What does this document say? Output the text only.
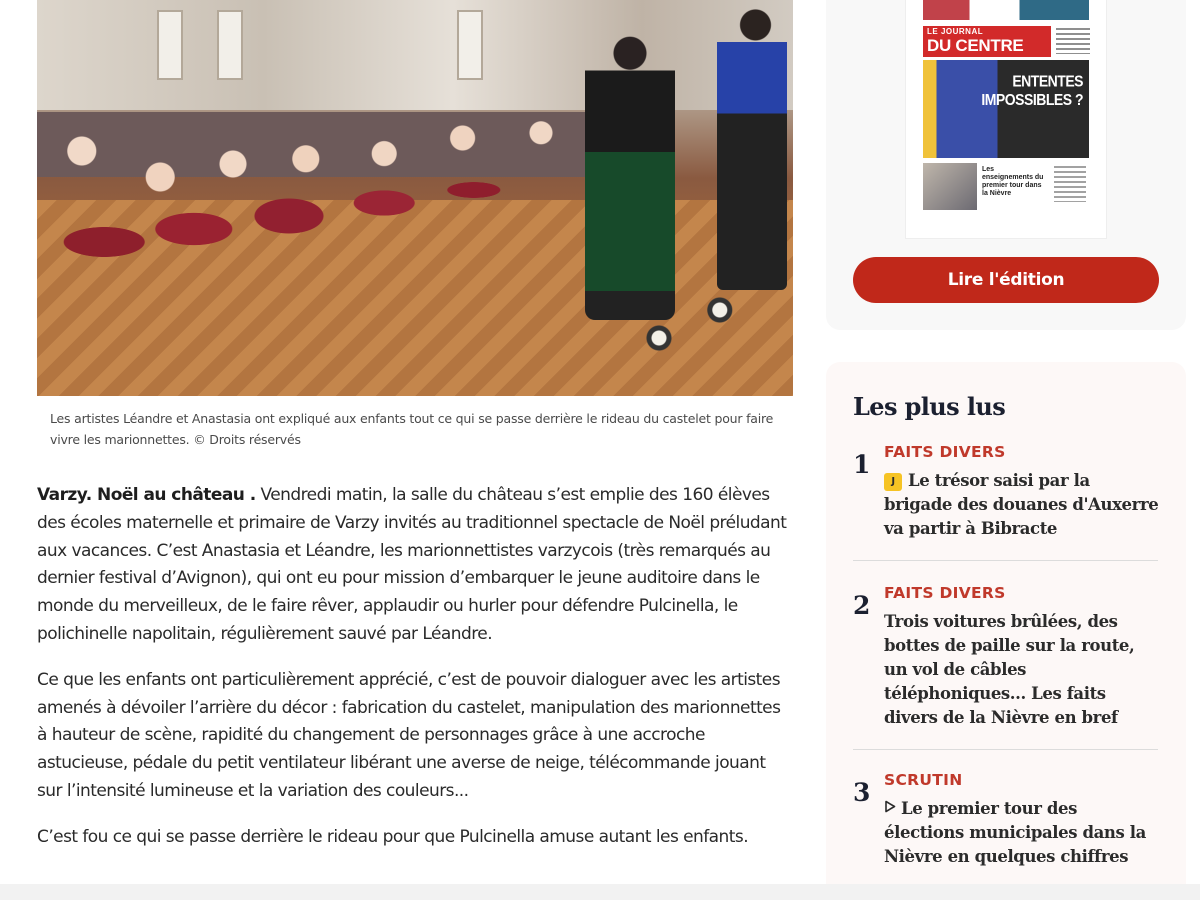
Les artistes Léandre et Anastasia ont expliqué aux enfants tout ce qui se passe derrière le rideau du castelet pour faire vivre les marionnettes. © Droits réservés

Varzy. Noël au château . Vendredi matin, la salle du château s’est emplie des 160 élèves des écoles maternelle et primaire de Varzy invités au traditionnel spectacle de Noël préludant aux vacances. C’est Anastasia et Léandre, les marionnettistes varzycois (très remarqués au dernier festival d’Avignon), qui ont eu pour mission d’embarquer le jeune auditoire dans le monde du merveilleux, de le faire rêver, applaudir ou hurler pour défendre Pulcinella, le polichinelle napolitain, régulièrement sauvé par Léandre.

Ce que les enfants ont particulièrement apprécié, c’est de pouvoir dialoguer avec les artistes amenés à dévoiler l’arrière du décor : fabrication du castelet, manipulation des marionnettes à hauteur de scène, rapidité du changement de personnages grâce à une accroche astucieuse, pédale du petit ventilateur libérant une averse de neige, télécommande jouant sur l’intensité lumineuse et la variation des couleurs...

C’est fou ce qui se passe derrière le rideau pour que Pulcinella amuse autant les enfants.

LE JOURNAL
DU CENTRE
ENTENTES IMPOSSIBLES ?
Les enseignements du premier tour dans la Nièvre
Lire l'édition
Les plus lus
1 FAITS DIVERS
J Le trésor saisi par la brigade des douanes d'Auxerre va partir à Bibracte
2 FAITS DIVERS
Trois voitures brûlées, des bottes de paille sur la route, un vol de câbles téléphoniques... Les faits divers de la Nièvre en bref
3 SCRUTIN
Le premier tour des élections municipales dans la Nièvre en quelques chiffres
